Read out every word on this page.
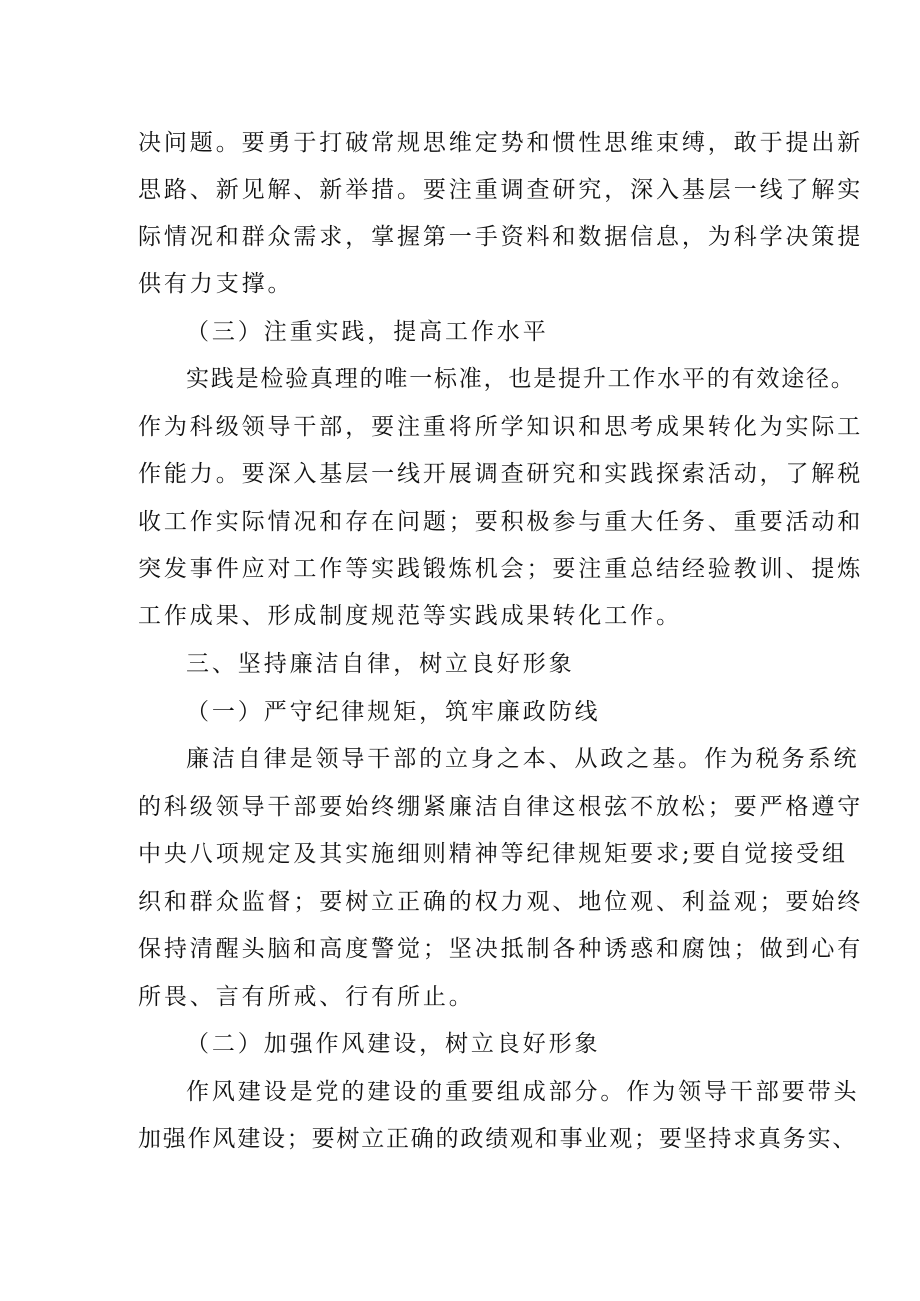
决问题。要勇于打破常规思维定势和惯性思维束缚，敢于提出新
思路、新见解、新举措。要注重调查研究，深入基层一线了解实
际情况和群众需求，掌握第一手资料和数据信息，为科学决策提
供有力支撑。
（三）注重实践，提高工作水平
实践是检验真理的唯一标准，也是提升工作水平的有效途径。
作为科级领导干部，要注重将所学知识和思考成果转化为实际工
作能力。要深入基层一线开展调查研究和实践探索活动，了解税
收工作实际情况和存在问题；要积极参与重大任务、重要活动和
突发事件应对工作等实践锻炼机会；要注重总结经验教训、提炼
工作成果、形成制度规范等实践成果转化工作。
三、坚持廉洁自律，树立良好形象
（一）严守纪律规矩，筑牢廉政防线
廉洁自律是领导干部的立身之本、从政之基。作为税务系统
的科级领导干部要始终绷紧廉洁自律这根弦不放松；要严格遵守
中央八项规定及其实施细则精神等纪律规矩要求;要自觉接受组
织和群众监督；要树立正确的权力观、地位观、利益观；要始终
保持清醒头脑和高度警觉；坚决抵制各种诱惑和腐蚀；做到心有
所畏、言有所戒、行有所止。
（二）加强作风建设，树立良好形象
作风建设是党的建设的重要组成部分。作为领导干部要带头
加强作风建设；要树立正确的政绩观和事业观；要坚持求真务实、
